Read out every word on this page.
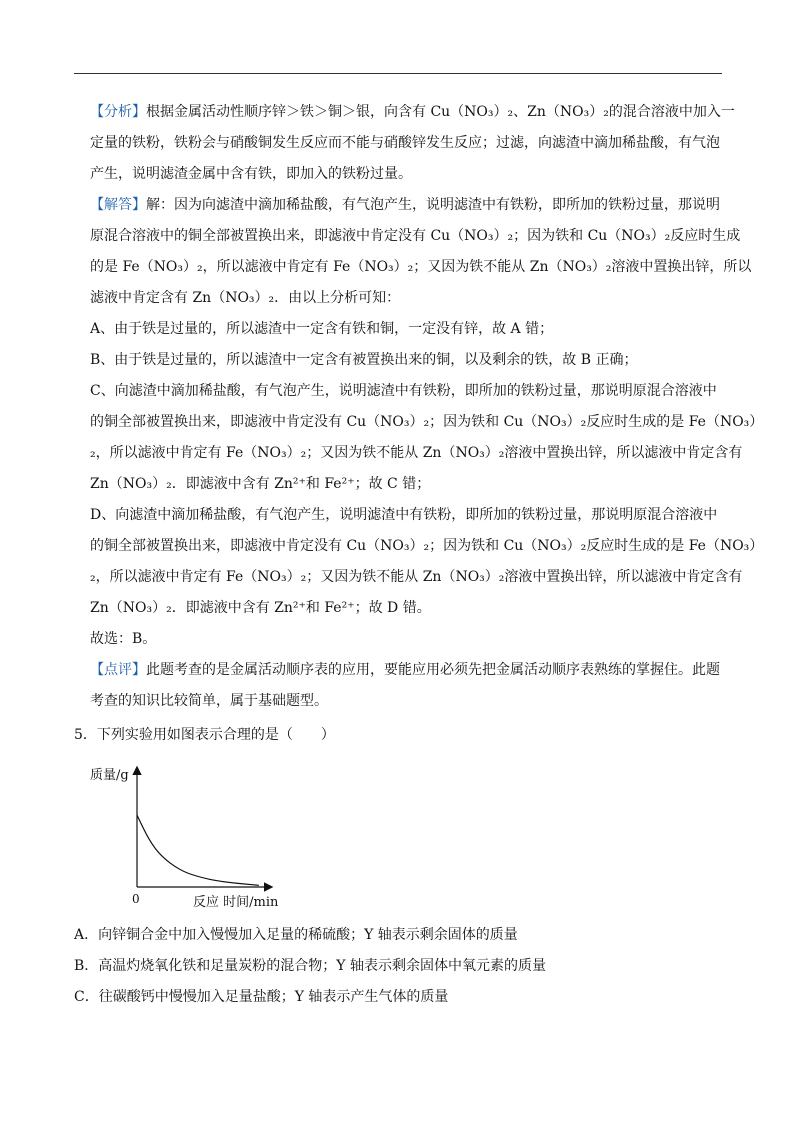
【分析】根据金属活动性顺序锌＞铁＞铜＞银，向含有 Cu（NO₃）₂、Zn（NO₃）₂的混合溶液中加入一
定量的铁粉，铁粉会与硝酸铜发生反应而不能与硝酸锌发生反应；过滤，向滤渣中滴加稀盐酸，有气泡
产生，说明滤渣金属中含有铁，即加入的铁粉过量。
【解答】解：因为向滤渣中滴加稀盐酸，有气泡产生，说明滤渣中有铁粉，即所加的铁粉过量，那说明
原混合溶液中的铜全部被置换出来，即滤液中肯定没有 Cu（NO₃）₂；因为铁和 Cu（NO₃）₂反应时生成
的是 Fe（NO₃）₂，所以滤液中肯定有 Fe（NO₃）₂；又因为铁不能从 Zn（NO₃）₂溶液中置换出锌，所以
滤液中肯定含有 Zn（NO₃）₂．由以上分析可知：
A、由于铁是过量的，所以滤渣中一定含有铁和铜，一定没有锌，故 A 错；
B、由于铁是过量的，所以滤渣中一定含有被置换出来的铜，以及剩余的铁，故 B 正确；
C、向滤渣中滴加稀盐酸，有气泡产生，说明滤渣中有铁粉，即所加的铁粉过量，那说明原混合溶液中
的铜全部被置换出来，即滤液中肯定没有 Cu（NO₃）₂；因为铁和 Cu（NO₃）₂反应时生成的是 Fe（NO₃）
₂，所以滤液中肯定有 Fe（NO₃）₂；又因为铁不能从 Zn（NO₃）₂溶液中置换出锌，所以滤液中肯定含有
Zn（NO₃）₂．即滤液中含有 Zn²⁺和 Fe²⁺；故 C 错；
D、向滤渣中滴加稀盐酸，有气泡产生，说明滤渣中有铁粉，即所加的铁粉过量，那说明原混合溶液中
的铜全部被置换出来，即滤液中肯定没有 Cu（NO₃）₂；因为铁和 Cu（NO₃）₂反应时生成的是 Fe（NO₃）
₂，所以滤液中肯定有 Fe（NO₃）₂；又因为铁不能从 Zn（NO₃）₂溶液中置换出锌，所以滤液中肯定含有
Zn（NO₃）₂．即滤液中含有 Zn²⁺和 Fe²⁺；故 D 错。
故选：B。
【点评】此题考查的是金属活动顺序表的应用，要能应用必须先把金属活动顺序表熟练的掌握住。此题
考查的知识比较简单，属于基础题型。
5．下列实验用如图表示合理的是（　　）
质量/g
0	反应 时间/min
A．向锌铜合金中加入慢慢加入足量的稀硫酸；Y 轴表示剩余固体的质量
B．高温灼烧氧化铁和足量炭粉的混合物；Y 轴表示剩余固体中氧元素的质量
C．往碳酸钙中慢慢加入足量盐酸；Y 轴表示产生气体的质量
